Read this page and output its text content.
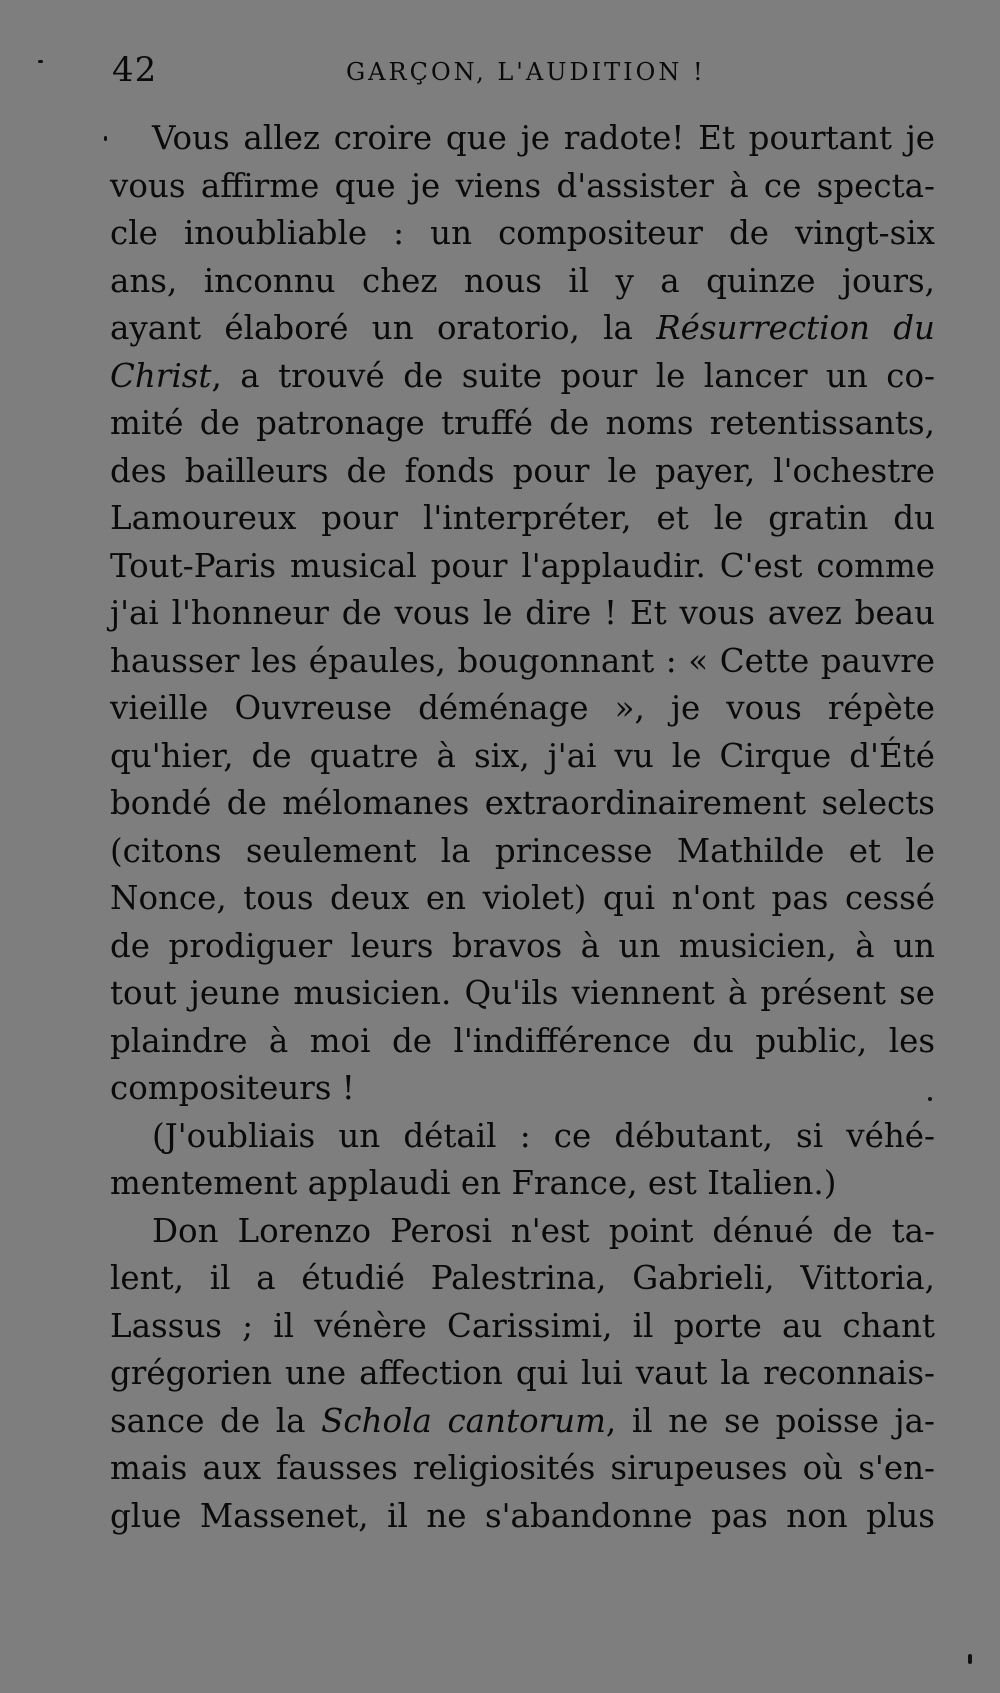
42	GARÇON, L'AUDITION !
Vous allez croire que je radote! Et pourtant je
vous affirme que je viens d'assister à ce specta-
cle inoubliable : un compositeur de vingt-six
ans, inconnu chez nous il y a quinze jours,
ayant élaboré un oratorio, la Résurrection du
Christ, a trouvé de suite pour le lancer un co-
mité de patronage truffé de noms retentissants,
des bailleurs de fonds pour le payer, l'ochestre
Lamoureux pour l'interpréter, et le gratin du
Tout-Paris musical pour l'applaudir. C'est comme
j'ai l'honneur de vous le dire ! Et vous avez beau
hausser les épaules, bougonnant : « Cette pauvre
vieille Ouvreuse déménage », je vous répète
qu'hier, de quatre à six, j'ai vu le Cirque d'Été
bondé de mélomanes extraordinairement selects
(citons seulement la princesse Mathilde et le
Nonce, tous deux en violet) qui n'ont pas cessé
de prodiguer leurs bravos à un musicien, à un
tout jeune musicien. Qu'ils viennent à présent se
plaindre à moi de l'indifférence du public, les
compositeurs !
(J'oubliais un détail : ce débutant, si véhé-
mentement applaudi en France, est Italien.)
Don Lorenzo Perosi n'est point dénué de ta-
lent, il a étudié Palestrina, Gabrieli, Vittoria,
Lassus ; il vénère Carissimi, il porte au chant
grégorien une affection qui lui vaut la reconnais-
sance de la Schola cantorum, il ne se poisse ja-
mais aux fausses religiosités sirupeuses où s'en-
glue Massenet, il ne s'abandonne pas non plus
